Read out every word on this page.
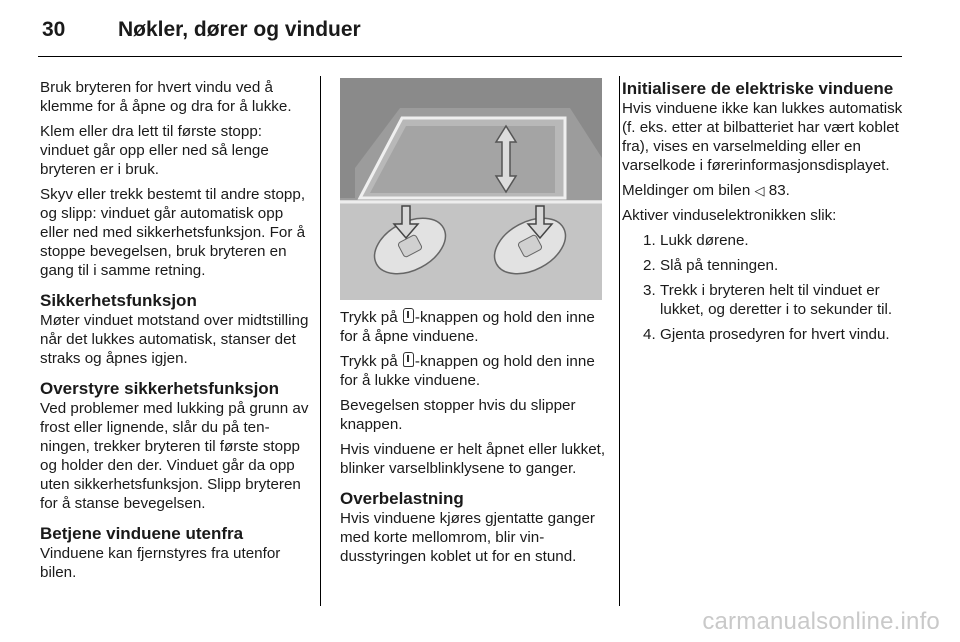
30	Nøkler, dører og vinduer

Bruk bryteren for hvert vindu ved å klemme for å åpne og dra for å lukke.

Klem eller dra lett til første stopp: vinduet går opp eller ned så lenge bryteren er i bruk.

Skyv eller trekk bestemt til andre stopp, og slipp: vinduet går automatisk opp eller ned med sikkerhetsfunksjon. For å stoppe bevegelsen, bruk bryteren en gang til i samme retning.

Sikkerhetsfunksjon

Møter vinduet motstand over midtstilling når det lukkes automatisk, stanser det straks og åpnes igjen.

Overstyre sikkerhetsfunksjon

Ved problemer med lukking på grunn av frost eller lignende, slår du på tenningen, trekker bryteren til første stopp og holder den der. Vinduet går da opp uten sikkerhetsfunksjon. Slipp bryteren for å stanse bevegelsen.

Betjene vinduene utenfra

Vinduene kan fjernstyres fra utenfor bilen.

Trykk på -knappen og hold den inne for å åpne vinduene.

Trykk på -knappen og hold den inne for å lukke vinduene.

Bevegelsen stopper hvis du slipper knappen.

Hvis vinduene er helt åpnet eller lukket, blinker varselblinklysene to ganger.

Overbelastning

Hvis vinduene kjøres gjentatte ganger med korte mellomrom, blir vindusstyringen koblet ut for en stund.

Initialisere de elektriske vinduene

Hvis vinduene ikke kan lukkes automatisk (f. eks. etter at bilbatteriet har vært koblet fra), vises en varselmelding eller en varselkode i førerinformasjonsdisplayet.

Meldinger om bilen ◁ 83.

Aktiver vinduselektronikken slik:

1. Lukk dørene.
2. Slå på tenningen.
3. Trekk i bryteren helt til vinduet er lukket, og deretter i to sekunder til.
4. Gjenta prosedyren for hvert vindu.
carmanualsonline.info
